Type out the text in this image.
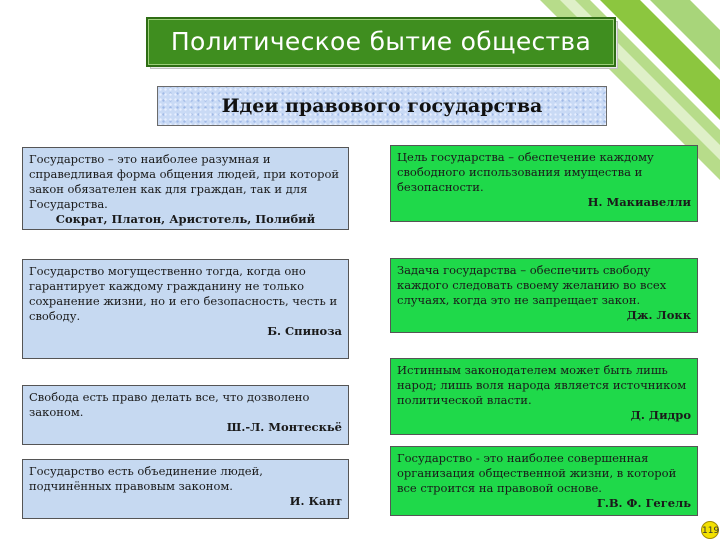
Политическое бытие общества
Идеи правового государства
Государство – это наиболее разумная и справедливая форма общения людей, при которой закон обязателен как для граждан, так и для Государства.
Сократ, Платон, Аристотель, Полибий
Государство могущественно тогда, когда оно гарантирует каждому гражданину не только сохранение жизни, но и его безопасность, честь и свободу.
Б. Спиноза
Свобода есть право делать все, что дозволено законом.
Ш.-Л. Монтескьё
Государство есть объединение людей, подчинённых правовым законом.
И. Кант
Цель государства – обеспечение каждому свободного использования имущества и безопасности.
Н. Макиавелли
Задача государства – обеспечить свободу каждого следовать своему желанию во всех случаях, когда это не запрещает закон.
Дж. Локк
Истинным законодателем может быть лишь народ; лишь воля народа является источником политической власти.
Д. Дидро
Государство - это наиболее совершенная организация общественной жизни, в которой все строится на правовой основе.
Г.В. Ф. Гегель
119
